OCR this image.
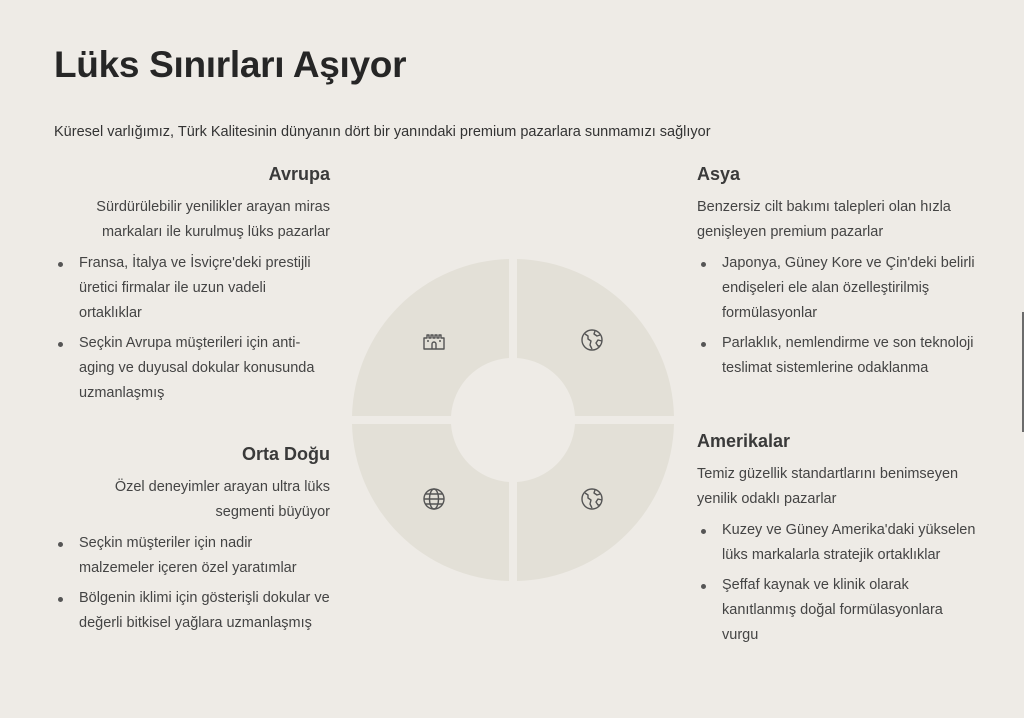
Lüks Sınırları Aşıyor
Küresel varlığımız, Türk Kalitesinin dünyanın dört bir yanındaki premium pazarlara sunmamızı sağlıyor
Avrupa
Sürdürülebilir yenilikler arayan miras markaları ile kurulmuş lüks pazarlar
Fransa, İtalya ve İsviçre'deki prestijli üretici firmalar ile uzun vadeli ortaklıklar
Seçkin Avrupa müşterileri için anti-aging ve duyusal dokular konusunda uzmanlaşmış
Orta Doğu
Özel deneyimler arayan ultra lüks segmenti büyüyor
Seçkin müşteriler için nadir malzemeler içeren özel yaratımlar
Bölgenin iklimi için gösterişli dokular ve değerli bitkisel yağlara uzmanlaşmış
Asya
Benzersiz cilt bakımı talepleri olan hızla genişleyen premium pazarlar
Japonya, Güney Kore ve Çin'deki belirli endişeleri ele alan özelleştirilmiş formülasyonlar
Parlaklık, nemlendirme ve son teknoloji teslimat sistemlerine odaklanma
Amerikalar
Temiz güzellik standartlarını benimseyen yenilik odaklı pazarlar
Kuzey ve Güney Amerika'daki yükselen lüks markalarla stratejik ortaklıklar
Şeffaf kaynak ve klinik olarak kanıtlanmış doğal formülasyonlara vurgu
